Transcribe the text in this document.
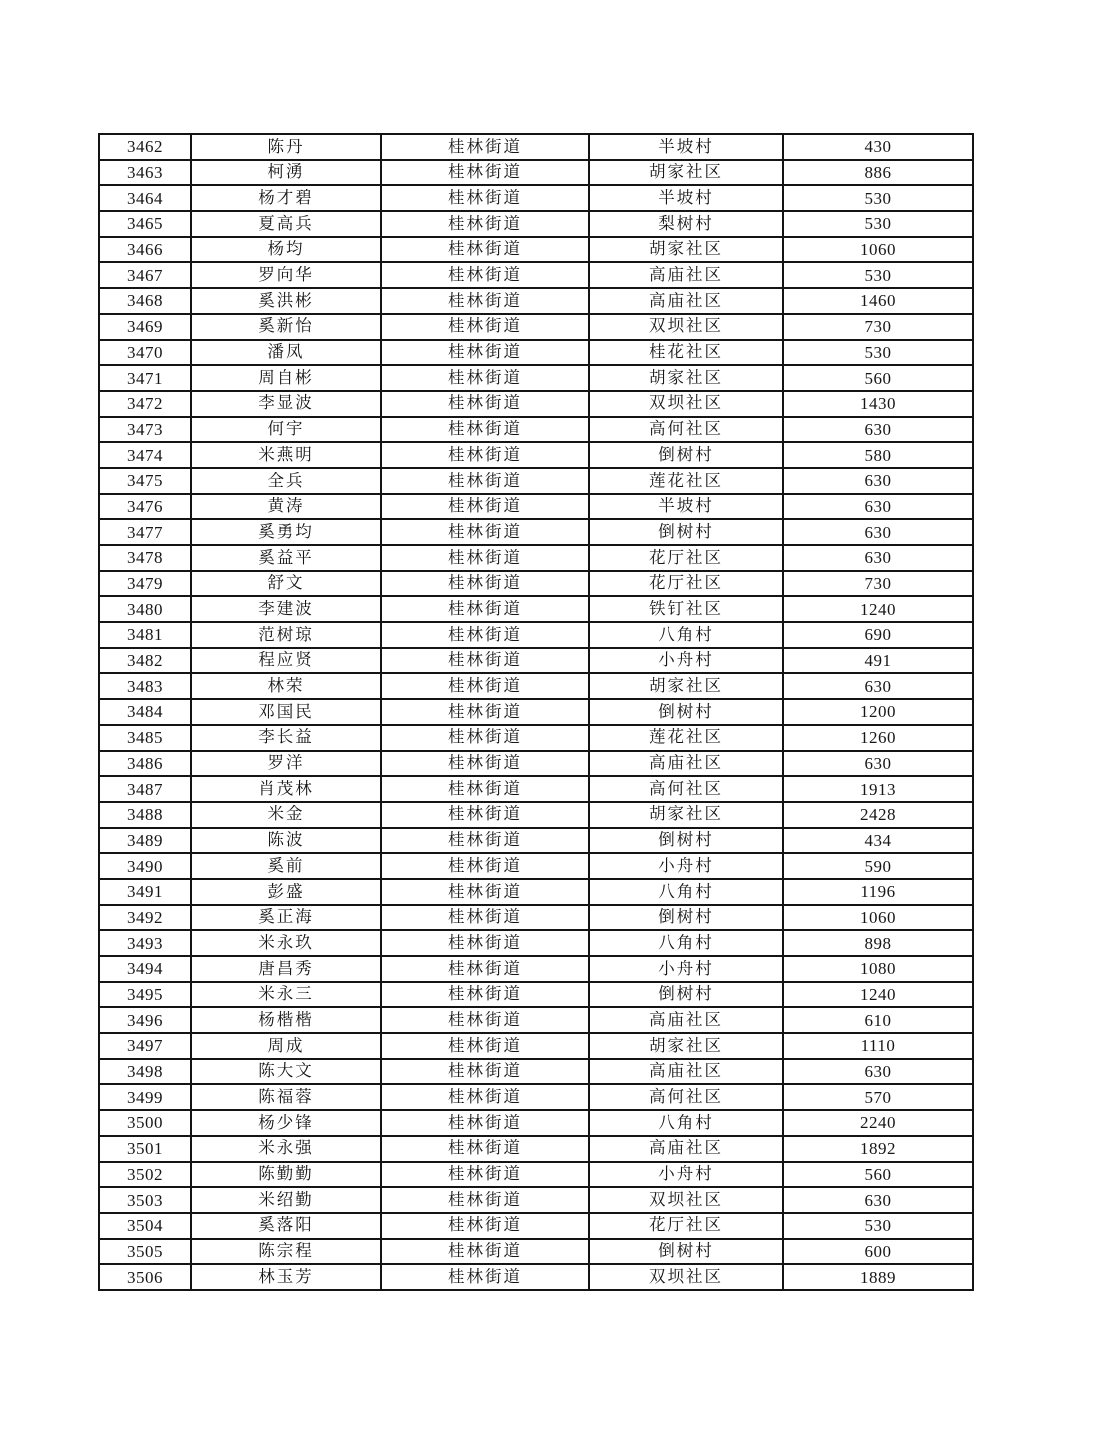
3462	陈丹	桂林街道	半坡村	430
3463	柯湧	桂林街道	胡家社区	886
3464	杨才碧	桂林街道	半坡村	530
3465	夏高兵	桂林街道	梨树村	530
3466	杨均	桂林街道	胡家社区	1060
3467	罗向华	桂林街道	高庙社区	530
3468	奚洪彬	桂林街道	高庙社区	1460
3469	奚新怡	桂林街道	双坝社区	730
3470	潘凤	桂林街道	桂花社区	530
3471	周自彬	桂林街道	胡家社区	560
3472	李显波	桂林街道	双坝社区	1430
3473	何宇	桂林街道	高何社区	630
3474	米燕明	桂林街道	倒树村	580
3475	全兵	桂林街道	莲花社区	630
3476	黄涛	桂林街道	半坡村	630
3477	奚勇均	桂林街道	倒树村	630
3478	奚益平	桂林街道	花厅社区	630
3479	舒文	桂林街道	花厅社区	730
3480	李建波	桂林街道	铁钉社区	1240
3481	范树琼	桂林街道	八角村	690
3482	程应贤	桂林街道	小舟村	491
3483	林荣	桂林街道	胡家社区	630
3484	邓国民	桂林街道	倒树村	1200
3485	李长益	桂林街道	莲花社区	1260
3486	罗洋	桂林街道	高庙社区	630
3487	肖茂林	桂林街道	高何社区	1913
3488	米金	桂林街道	胡家社区	2428
3489	陈波	桂林街道	倒树村	434
3490	奚前	桂林街道	小舟村	590
3491	彭盛	桂林街道	八角村	1196
3492	奚正海	桂林街道	倒树村	1060
3493	米永玖	桂林街道	八角村	898
3494	唐昌秀	桂林街道	小舟村	1080
3495	米永三	桂林街道	倒树村	1240
3496	杨楷楷	桂林街道	高庙社区	610
3497	周成	桂林街道	胡家社区	1110
3498	陈大文	桂林街道	高庙社区	630
3499	陈福蓉	桂林街道	高何社区	570
3500	杨少锋	桂林街道	八角村	2240
3501	米永强	桂林街道	高庙社区	1892
3502	陈勤勤	桂林街道	小舟村	560
3503	米绍勤	桂林街道	双坝社区	630
3504	奚落阳	桂林街道	花厅社区	530
3505	陈宗程	桂林街道	倒树村	600
3506	林玉芳	桂林街道	双坝社区	1889
